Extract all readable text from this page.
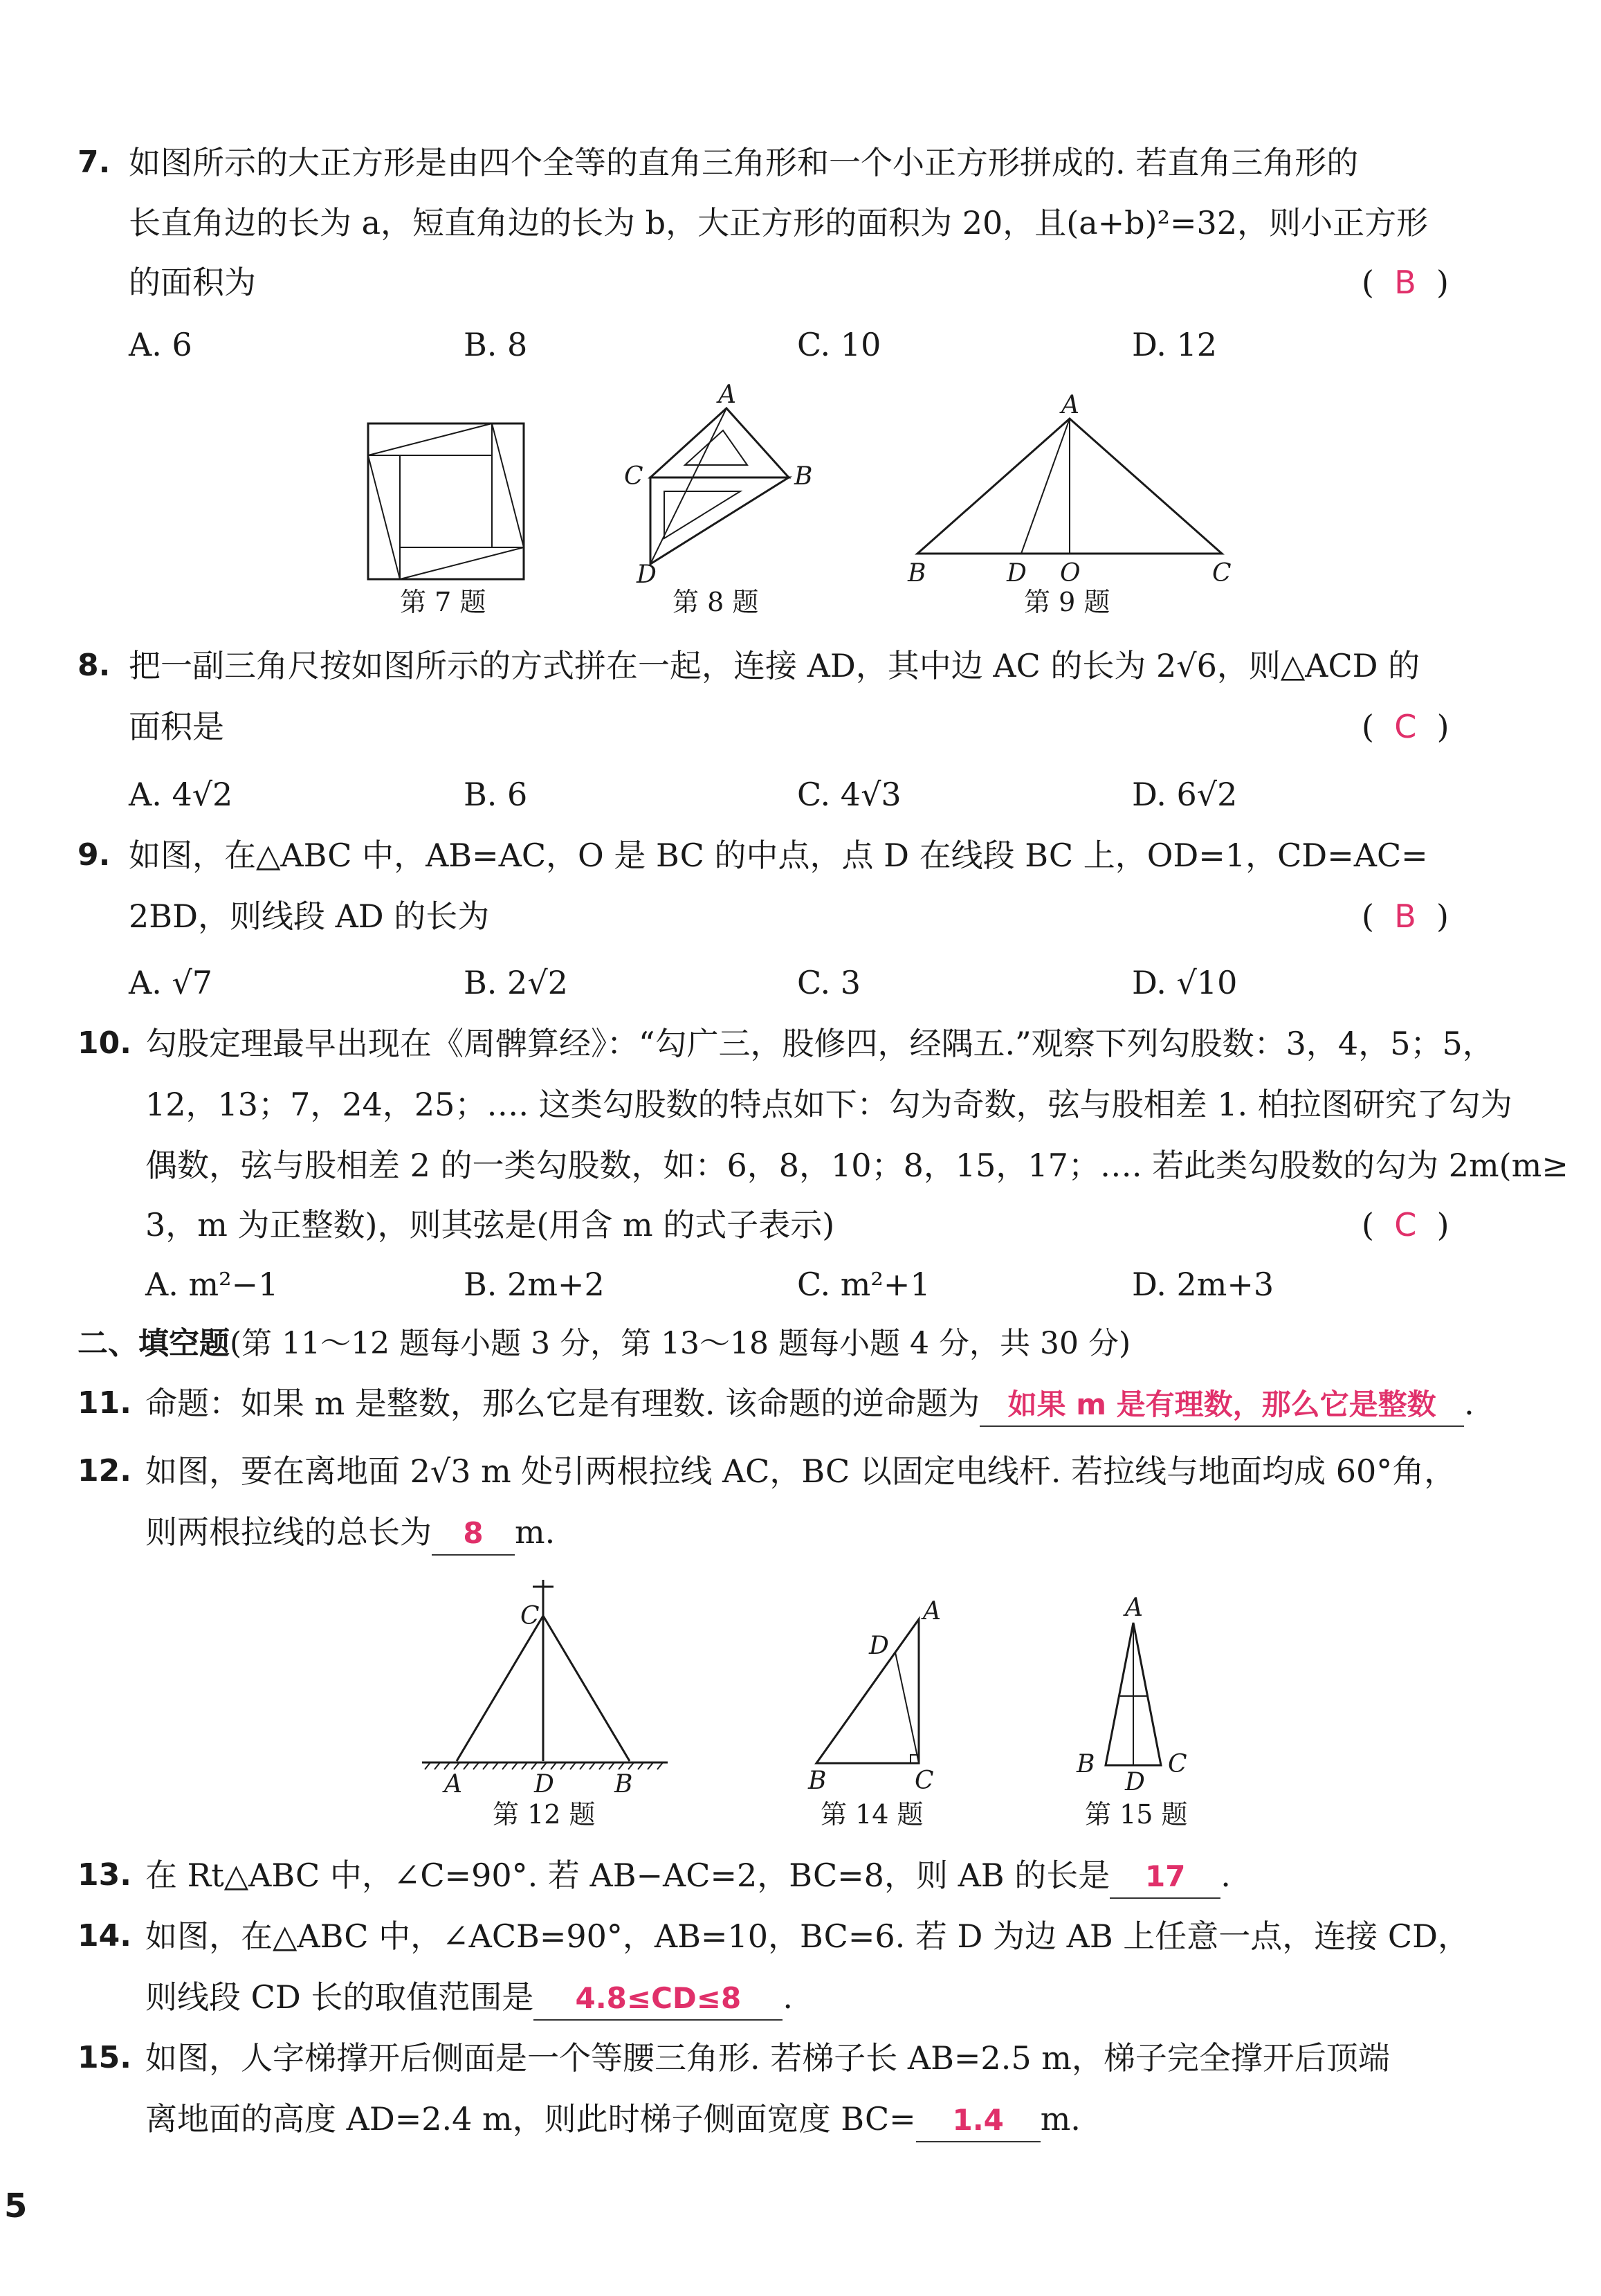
7. 如图所示的大正方形是由四个全等的直角三角形和一个小正方形拼成的. 若直角三角形的
长直角边的长为 a，短直角边的长为 b，大正方形的面积为 20，且(a+b)²=32，则小正方形
的面积为	(  B  )
A. 6	B. 8	C. 10	D. 12
A
B
C
D
A
B	D O	C
第 7 题	第 8 题	第 9 题
8. 把一副三角尺按如图所示的方式拼在一起，连接 AD，其中边 AC 的长为 2√6，则△ACD 的
面积是	(  C  )
A. 4√2	B. 6	C. 4√3	D. 6√2
9. 如图，在△ABC 中，AB=AC，O 是 BC 的中点，点 D 在线段 BC 上，OD=1，CD=AC=
2BD，则线段 AD 的长为	(  B  )
A. √7	B. 2√2	C. 3	D. √10
10. 勾股定理最早出现在《周髀算经》：“勾广三，股修四，经隅五.”观察下列勾股数：3，4，5；5，
12，13；7，24，25；…. 这类勾股数的特点如下：勾为奇数，弦与股相差 1. 柏拉图研究了勾为
偶数，弦与股相差 2 的一类勾股数，如：6，8，10；8，15，17；…. 若此类勾股数的勾为 2m(m≥
3，m 为正整数)，则其弦是(用含 m 的式子表示)	(  C  )
A. m²−1	B. 2m+2	C. m²+1	D. 2m+3
二、填空题(第 11～12 题每小题 3 分，第 13～18 题每小题 4 分，共 30 分)
11. 命题：如果 m 是整数，那么它是有理数. 该命题的逆命题为 如果 m 是有理数，那么它是整数 .
12. 如图，要在离地面 2√3 m 处引两根拉线 AC，BC 以固定电线杆. 若拉线与地面均成 60°角，
则两根拉线的总长为 8 m.
C
A	D B
A
D
B	C
A
B
D
C
第 12 题	第 14 题	第 15 题
13. 在 Rt△ABC 中，∠C=90°. 若 AB−AC=2，BC=8，则 AB 的长是 17 .
14. 如图，在△ABC 中，∠ACB=90°，AB=10，BC=6. 若 D 为边 AB 上任意一点，连接 CD，
则线段 CD 长的取值范围是 4.8≤CD≤8 .
15. 如图，人字梯撑开后侧面是一个等腰三角形. 若梯子长 AB=2.5 m，梯子完全撑开后顶端
离地面的高度 AD=2.4 m，则此时梯子侧面宽度 BC= 1.4 m.
5
